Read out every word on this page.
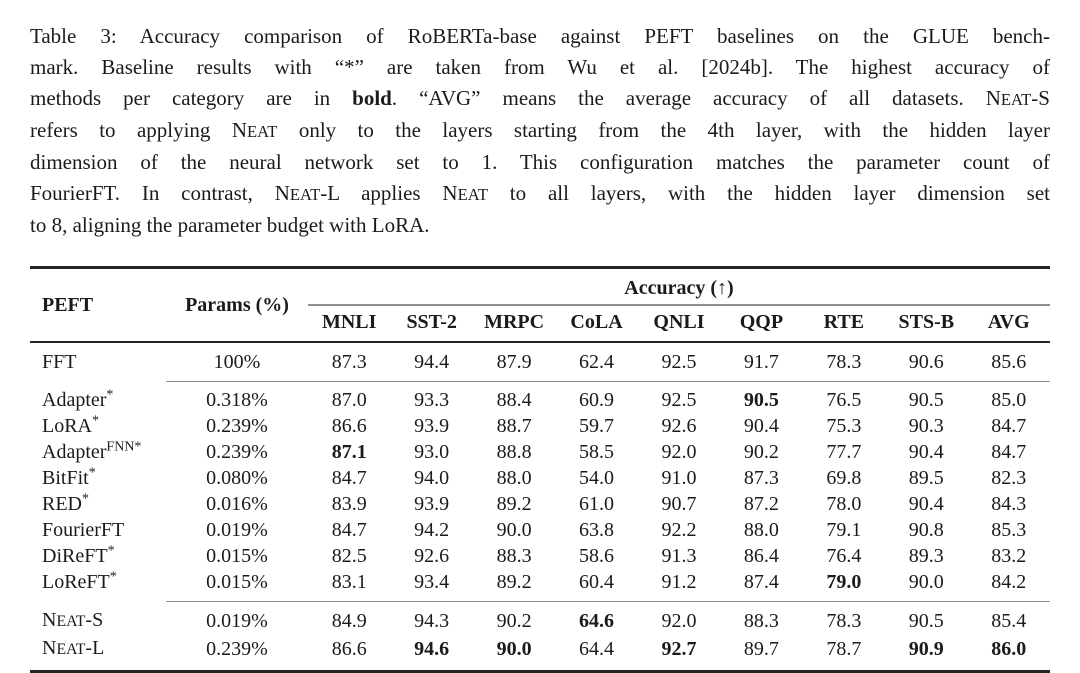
Table 3: Accuracy comparison of RoBERTa-base against PEFT baselines on the GLUE bench-
mark. Baseline results with “*” are taken from Wu et al. [2024b]. The highest accuracy of
methods per category are in bold. “AVG” means the average accuracy of all datasets. NEAT-S
refers to applying NEAT only to the layers starting from the 4th layer, with the hidden layer
dimension of the neural network set to 1. This configuration matches the parameter count of
FourierFT. In contrast, NEAT-L applies NEAT to all layers, with the hidden layer dimension set
to 8, aligning the parameter budget with LoRA.
PEFT	Params (%)	Accuracy (↑)								
		MNLI	SST-2	MRPC	CoLA	QNLI	QQP	RTE	STS-B	AVG
FFT	100%	87.3	94.4	87.9	62.4	92.5	91.7	78.3	90.6	85.6
Adapter*	0.318%	87.0	93.3	88.4	60.9	92.5	90.5	76.5	90.5	85.0
LoRA*	0.239%	86.6	93.9	88.7	59.7	92.6	90.4	75.3	90.3	84.7
Adapter$^{FNN*}$	0.239%	87.1	93.0	88.8	58.5	92.0	90.2	77.7	90.4	84.7
BitFit*	0.080%	84.7	94.0	88.0	54.0	91.0	87.3	69.8	89.5	82.3
RED*	0.016%	83.9	93.9	89.2	61.0	90.7	87.2	78.0	90.4	84.3
FourierFT	0.019%	84.7	94.2	90.0	63.8	92.2	88.0	79.1	90.8	85.3
DiReFT*	0.015%	82.5	92.6	88.3	58.6	91.3	86.4	76.4	89.3	83.2
LoReFT*	0.015%	83.1	93.4	89.2	60.4	91.2	87.4	79.0	90.0	84.2
NEAT-S	0.019%	84.9	94.3	90.2	64.6	92.0	88.3	78.3	90.5	85.4
NEAT-L	0.239%	86.6	94.6	90.0	64.4	92.7	89.7	78.7	90.9	86.0
